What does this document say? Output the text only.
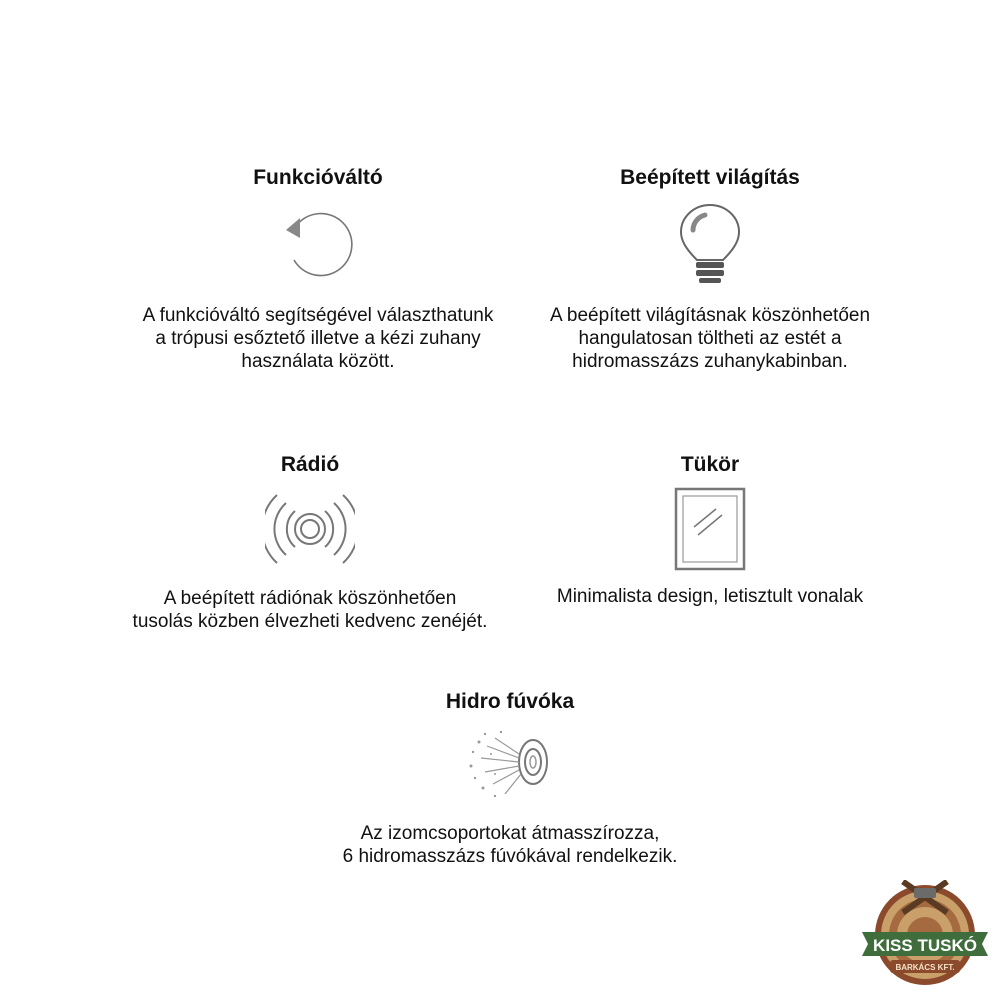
Funkcióváltó

A funkcióváltó segítségével választhatunk
a trópusi esőztető illetve a kézi zuhany
használata között.

Beépített világítás

A beépített világításnak köszönhetően
hangulatosan töltheti az estét a
hidromasszázs zuhanykabinban.

Rádió

A beépített rádiónak köszönhetően
tusolás közben élvezheti kedvenc zenéjét.

Tükör

Minimalista design, letisztult vonalak

Hidro fúvóka

Az izomcsoportokat átmasszírozza,
6 hidromasszázs fúvókával rendelkezik.

KISS TUSKÓ
BARKÁCS KFT.
